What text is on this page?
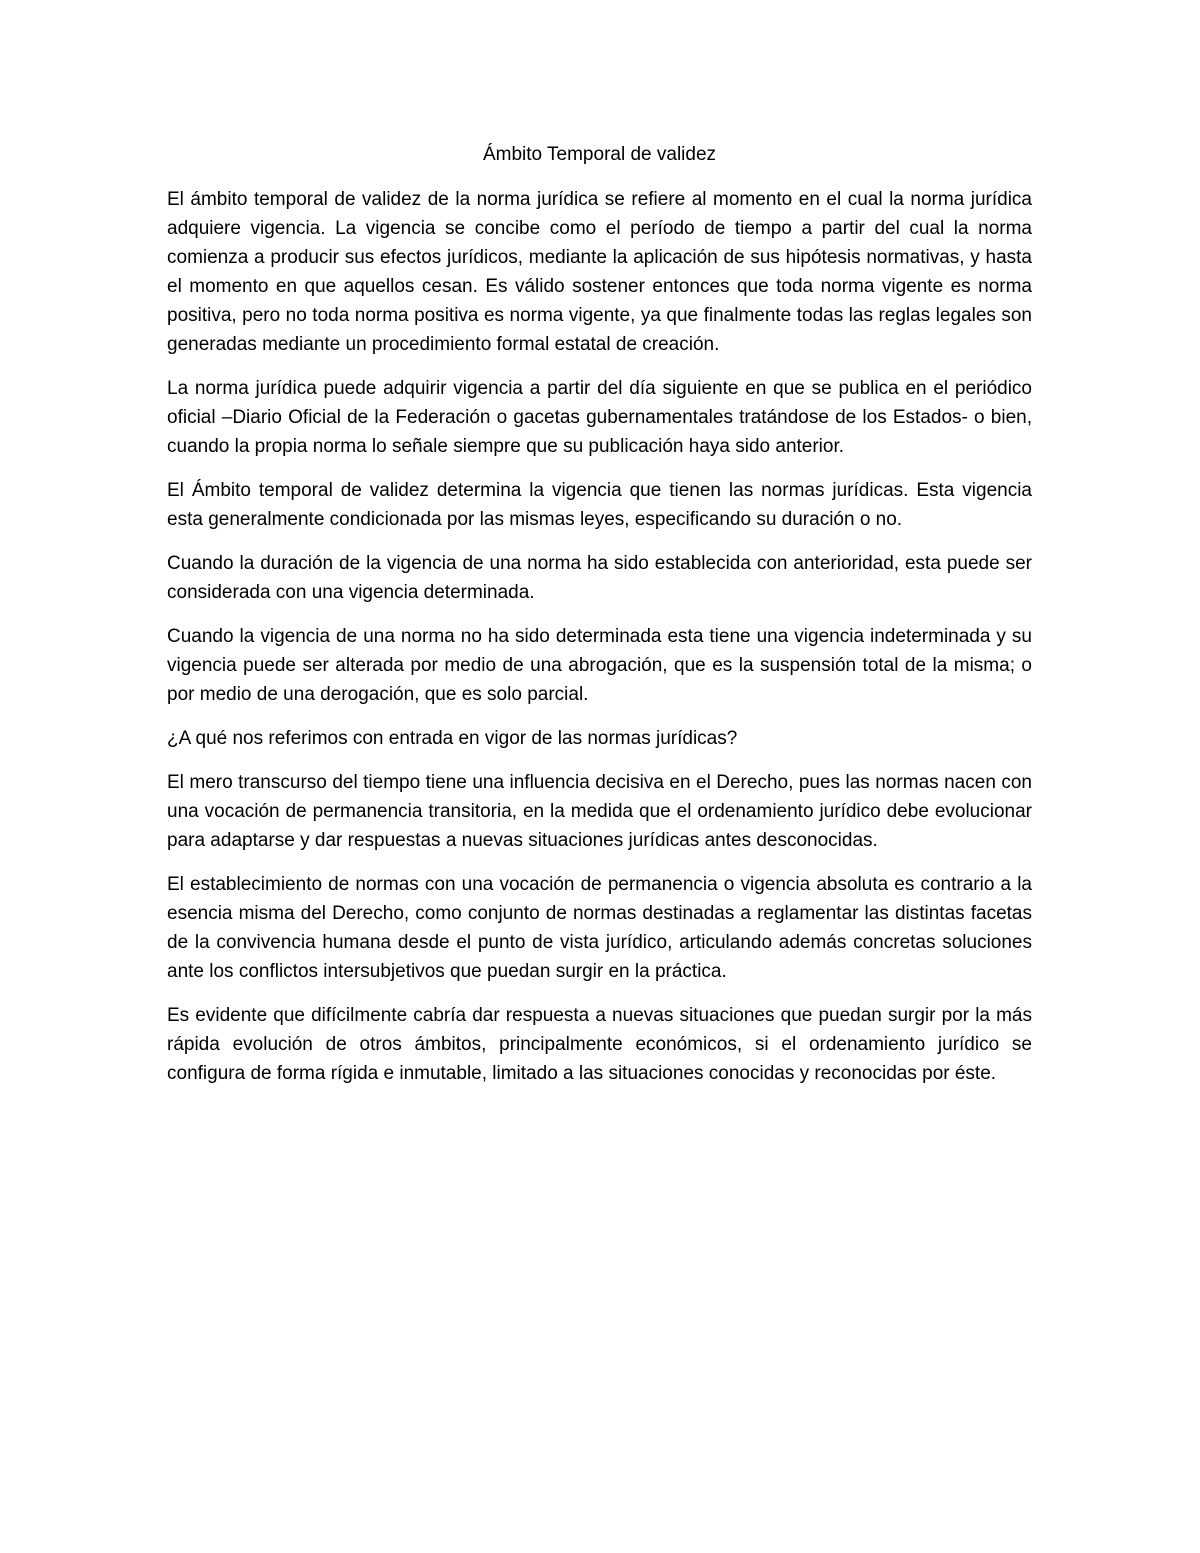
Ámbito Temporal de validez

El ámbito temporal de validez de la norma jurídica se refiere al momento en el cual la norma jurídica adquiere vigencia. La vigencia se concibe como el período de tiempo a partir del cual la norma comienza a producir sus efectos jurídicos, mediante la aplicación de sus hipótesis normativas, y hasta el momento en que aquellos cesan. Es válido sostener entonces que toda norma vigente es norma positiva, pero no toda norma positiva es norma vigente, ya que finalmente todas las reglas legales son generadas mediante un procedimiento formal estatal de creación.

La norma jurídica puede adquirir vigencia a partir del día siguiente en que se publica en el periódico oficial –Diario Oficial de la Federación o gacetas gubernamentales tratándose de los Estados- o bien, cuando la propia norma lo señale siempre que su publicación haya sido anterior.

El Ámbito temporal de validez determina la vigencia que tienen las normas jurídicas. Esta vigencia esta generalmente condicionada por las mismas leyes, especificando su duración o no.

Cuando la duración de la vigencia de una norma ha sido establecida con anterioridad, esta puede ser considerada con una vigencia determinada.

Cuando la vigencia de una norma no ha sido determinada esta tiene una vigencia indeterminada y su vigencia puede ser alterada por medio de una abrogación, que es la suspensión total de la misma; o por medio de una derogación, que es solo parcial.

¿A qué nos referimos con entrada en vigor de las normas jurídicas?

El mero transcurso del tiempo tiene una influencia decisiva en el Derecho, pues las normas nacen con una vocación de permanencia transitoria, en la medida que el ordenamiento jurídico debe evolucionar para adaptarse y dar respuestas a nuevas situaciones jurídicas antes desconocidas.

El establecimiento de normas con una vocación de permanencia o vigencia absoluta es contrario a la esencia misma del Derecho, como conjunto de normas destinadas a reglamentar las distintas facetas de la convivencia humana desde el punto de vista jurídico, articulando además concretas soluciones ante los conflictos intersubjetivos que puedan surgir en la práctica.

Es evidente que difícilmente cabría dar respuesta a nuevas situaciones que puedan surgir por la más rápida evolución de otros ámbitos, principalmente económicos, si el ordenamiento jurídico se configura de forma rígida e inmutable, limitado a las situaciones conocidas y reconocidas por éste.
